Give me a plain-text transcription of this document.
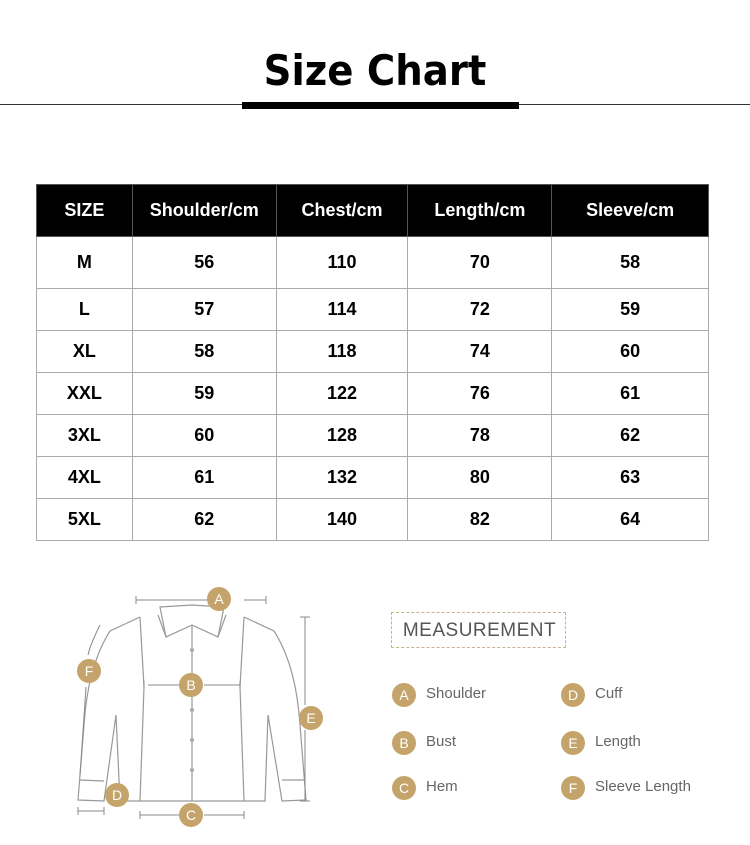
Size Chart
SIZE	Shoulder/cm	Chest/cm	Length/cm	Sleeve/cm
M	56	110	70	58
L	57	114	72	59
XL	58	118	74	60
XXL	59	122	76	61
3XL	60	128	78	62
4XL	61	132	80	63
5XL	62	140	82	64
A
B
C
D
E
F
MEASUREMENT
A	Shoulder	D	Cuff
B	Bust	E	Length
C	Hem	F	Sleeve Length
